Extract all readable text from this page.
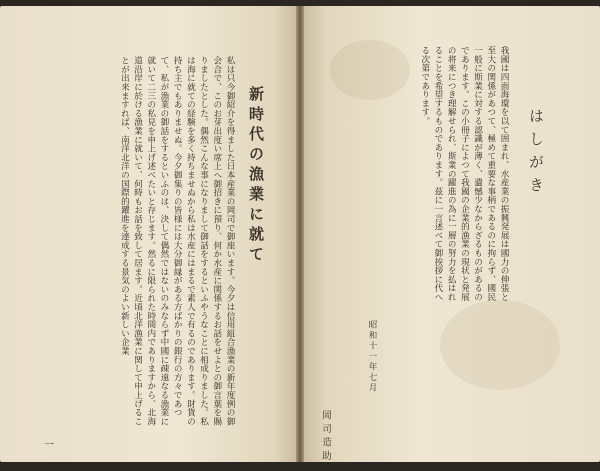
新時代の漁業に就て
私は只今御紹介を得ました日本産業の岡司で御座います。今夕は信用組合漁業の新年度例の御会合で、このお芽出度い席上へ御招きに預り、何か水産に関係するお話をせよとの御言葉を賜りましたとした。偶然こんな事になりまして御話をするといふやうなことに相成りました。私は海に就ての経験を多く持ちませぬから私は水産にはまるで素人で有るのであります。財貨の持ち主でもありませぬ。今夕御集りの皆様には大分御縁がある方ばかりの銀行の方々であつて、私が漁業の御話をするといふのは、決して偶然ではないのみならず中國に疎遠なる漁業に就いて二三の私見を申上げ述べたいと存じます。然るに限られた時間内でありますから、北海道沿岸に於ける漁業に就いて、何時もお話を致して居ます。近頃北洋漁業に関して申上げることが出来ますれば、南洋北洋の国際的躍進を達成する景気のよい新しい企業
一
はしがき
我國は四面海環を以て囲まれ、水産業の振興発展は國力の伸張と至大の関係があつて、極めて重要な事柄であるのに拘らず、國民一般に斯業に対する認識が薄く、遺憾少なからざるものがあるのであります。この小冊子によつて我國の企業的漁業の現状と発展の将来につき理解せられ、斯業の躍進の為に一層の努力を払はれることを希望するものであります。茲に一言述べて御挨拶に代へる次第であります。
昭和十一年七月
岡司造助
